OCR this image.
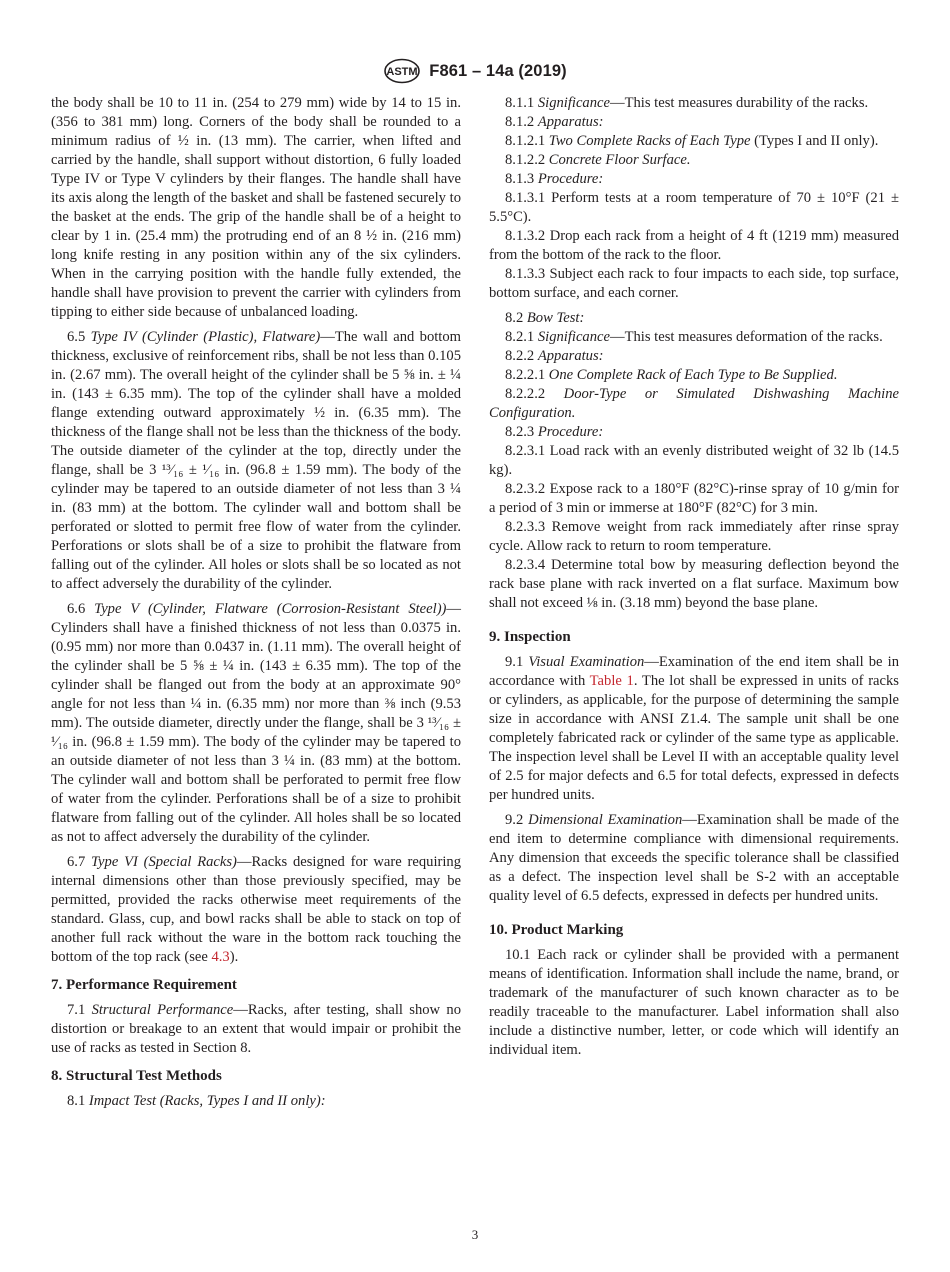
ASTM F861 – 14a (2019)

the body shall be 10 to 11 in. (254 to 279 mm) wide by 14 to 15 in. (356 to 381 mm) long. Corners of the body shall be rounded to a minimum radius of ½ in. (13 mm). The carrier, when lifted and carried by the handle, shall support without distortion, 6 fully loaded Type IV or Type V cylinders by their flanges. The handle shall have its axis along the length of the basket and shall be fastened securely to the basket at the ends. The grip of the handle shall be of a height to clear by 1 in. (25.4 mm) the protruding end of an 8 ½ in. (216 mm) long knife resting in any position within any of the six cylinders. When in the carrying position with the handle fully extended, the handle shall have provision to prevent the carrier with cylinders from tipping to either side because of unbalanced loading.

6.5 Type IV (Cylinder (Plastic), Flatware)—The wall and bottom thickness, exclusive of reinforcement ribs, shall be not less than 0.105 in. (2.67 mm). The overall height of the cylinder shall be 5 ⅝ in. ± ¼ in. (143 ± 6.35 mm). The top of the cylinder shall have a molded flange extending outward approximately ½ in. (6.35 mm). The thickness of the flange shall not be less than the thickness of the body. The outside diameter of the cylinder at the top, directly under the flange, shall be 3 ¹³⁄₁₆ ± ¹⁄₁₆ in. (96.8 ± 1.59 mm). The body of the cylinder may be tapered to an outside diameter of not less than 3 ¼ in. (83 mm) at the bottom. The cylinder wall and bottom shall be perforated or slotted to permit free flow of water from the cylinder. Perforations or slots shall be of a size to prohibit the flatware from falling out of the cylinder. All holes or slots shall be so located as not to affect adversely the durability of the cylinder.

6.6 Type V (Cylinder, Flatware (Corrosion-Resistant Steel))—Cylinders shall have a finished thickness of not less than 0.0375 in. (0.95 mm) nor more than 0.0437 in. (1.11 mm). The overall height of the cylinder shall be 5 ⅝ ± ¼ in. (143 ± 6.35 mm). The top of the cylinder shall be flanged out from the body at an approximate 90° angle for not less than ¼ in. (6.35 mm) nor more than ⅜ inch (9.53 mm). The outside diameter, directly under the flange, shall be 3 ¹³⁄₁₆ ± ¹⁄₁₆ in. (96.8 ± 1.59 mm). The body of the cylinder may be tapered to an outside diameter of not less than 3 ¼ in. (83 mm) at the bottom. The cylinder wall and bottom shall be perforated to permit free flow of water from the cylinder. Perforations shall be of a size to prohibit flatware from falling out of the cylinder. All holes shall be so located as not to affect adversely the durability of the cylinder.

6.7 Type VI (Special Racks)—Racks designed for ware requiring internal dimensions other than those previously specified, may be permitted, provided the racks otherwise meet requirements of the standard. Glass, cup, and bowl racks shall be able to stack on top of another full rack without the ware in the bottom rack touching the bottom of the top rack (see 4.3).

7. Performance Requirement

7.1 Structural Performance—Racks, after testing, shall show no distortion or breakage to an extent that would impair or prohibit the use of racks as tested in Section 8.

8. Structural Test Methods

8.1 Impact Test (Racks, Types I and II only):

8.1.1 Significance—This test measures durability of the racks.

8.1.2 Apparatus:

8.1.2.1 Two Complete Racks of Each Type (Types I and II only).

8.1.2.2 Concrete Floor Surface.

8.1.3 Procedure:

8.1.3.1 Perform tests at a room temperature of 70 ± 10°F (21 ± 5.5°C).

8.1.3.2 Drop each rack from a height of 4 ft (1219 mm) measured from the bottom of the rack to the floor.

8.1.3.3 Subject each rack to four impacts to each side, top surface, bottom surface, and each corner.

8.2 Bow Test:

8.2.1 Significance—This test measures deformation of the racks.

8.2.2 Apparatus:

8.2.2.1 One Complete Rack of Each Type to Be Supplied.

8.2.2.2 Door-Type or Simulated Dishwashing Machine Configuration.

8.2.3 Procedure:

8.2.3.1 Load rack with an evenly distributed weight of 32 lb (14.5 kg).

8.2.3.2 Expose rack to a 180°F (82°C)-rinse spray of 10 g/min for a period of 3 min or immerse at 180°F (82°C) for 3 min.

8.2.3.3 Remove weight from rack immediately after rinse spray cycle. Allow rack to return to room temperature.

8.2.3.4 Determine total bow by measuring deflection beyond the rack base plane with rack inverted on a flat surface. Maximum bow shall not exceed ⅛ in. (3.18 mm) beyond the base plane.

9. Inspection

9.1 Visual Examination—Examination of the end item shall be in accordance with Table 1. The lot shall be expressed in units of racks or cylinders, as applicable, for the purpose of determining the sample size in accordance with ANSI Z1.4. The sample unit shall be one completely fabricated rack or cylinder of the same type as applicable. The inspection level shall be Level II with an acceptable quality level of 2.5 for major defects and 6.5 for total defects, expressed in defects per hundred units.

9.2 Dimensional Examination—Examination shall be made of the end item to determine compliance with dimensional requirements. Any dimension that exceeds the specific tolerance shall be classified as a defect. The inspection level shall be S-2 with an acceptable quality level of 6.5 defects, expressed in defects per hundred units.

10. Product Marking

10.1 Each rack or cylinder shall be provided with a permanent means of identification. Information shall include the name, brand, or trademark of the manufacturer of such known character as to be readily traceable to the manufacturer. Label information shall also include a distinctive number, letter, or code which will identify an individual item.

3
